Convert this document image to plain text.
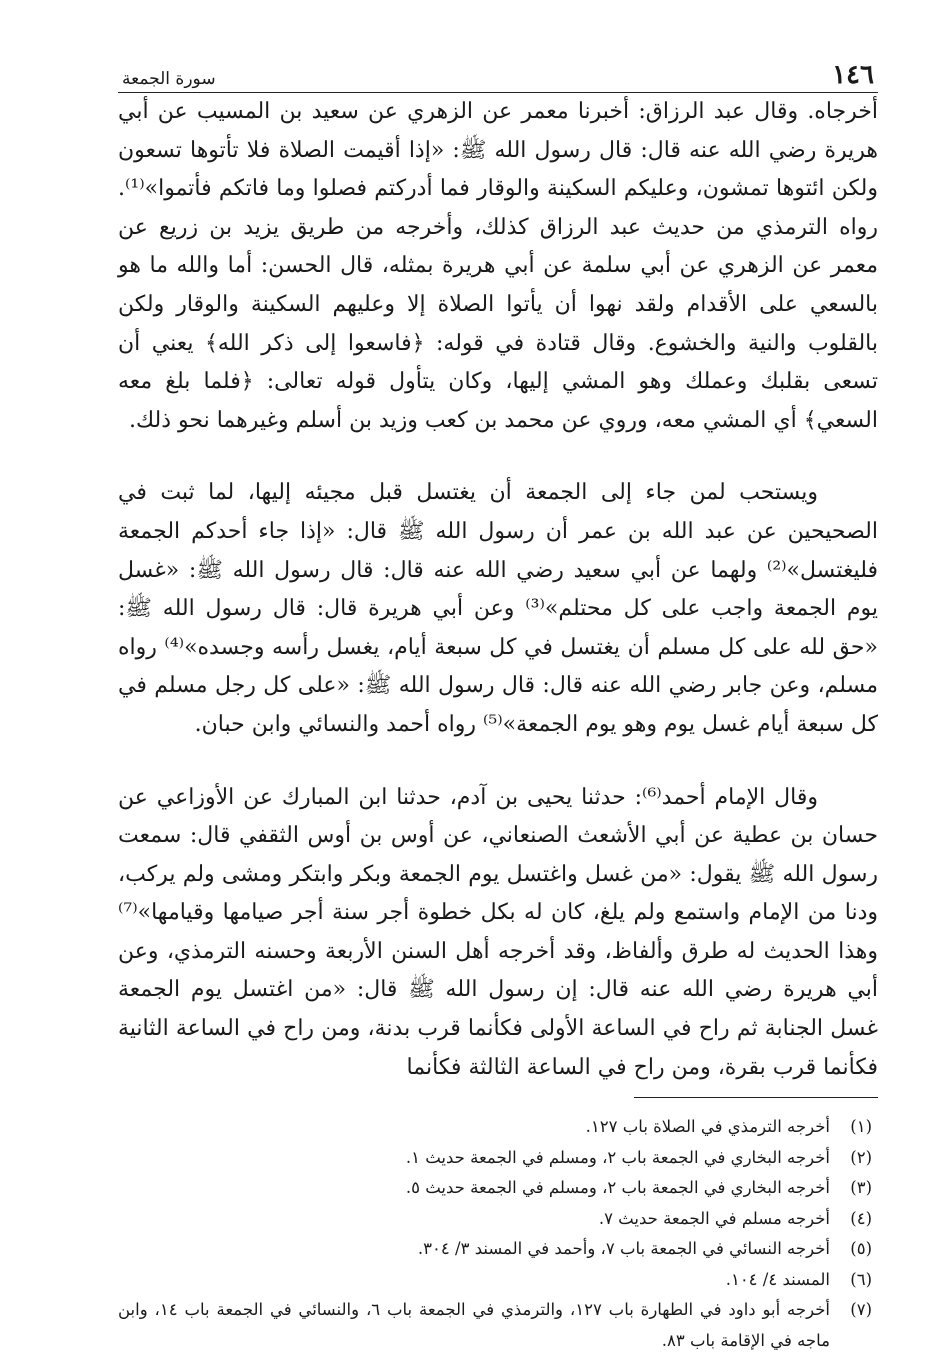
١٤٦
سورة الجمعة

أخرجاه. وقال عبد الرزاق: أخبرنا معمر عن الزهري عن سعيد بن المسيب عن أبي هريرة رضي الله عنه قال: قال رسول الله ﷺ: «إذا أقيمت الصلاة فلا تأتوها تسعون ولكن ائتوها تمشون، وعليكم السكينة والوقار فما أدركتم فصلوا وما فاتكم فأتموا»⁽¹⁾. رواه الترمذي من حديث عبد الرزاق كذلك، وأخرجه من طريق يزيد بن زريع عن معمر عن الزهري عن أبي سلمة عن أبي هريرة بمثله، قال الحسن: أما والله ما هو بالسعي على الأقدام ولقد نهوا أن يأتوا الصلاة إلا وعليهم السكينة والوقار ولكن بالقلوب والنية والخشوع. وقال قتادة في قوله: ﴿فاسعوا إلى ذكر الله﴾ يعني أن تسعى بقلبك وعملك وهو المشي إليها، وكان يتأول قوله تعالى: ﴿فلما بلغ معه السعي﴾ أي المشي معه، وروي عن محمد بن كعب وزيد بن أسلم وغيرهما نحو ذلك.

ويستحب لمن جاء إلى الجمعة أن يغتسل قبل مجيئه إليها، لما ثبت في الصحيحين عن عبد الله بن عمر أن رسول الله ﷺ قال: «إذا جاء أحدكم الجمعة فليغتسل»⁽²⁾ ولهما عن أبي سعيد رضي الله عنه قال: قال رسول الله ﷺ: «غسل يوم الجمعة واجب على كل محتلم»⁽³⁾ وعن أبي هريرة قال: قال رسول الله ﷺ: «حق لله على كل مسلم أن يغتسل في كل سبعة أيام، يغسل رأسه وجسده»⁽⁴⁾ رواه مسلم، وعن جابر رضي الله عنه قال: قال رسول الله ﷺ: «على كل رجل مسلم في كل سبعة أيام غسل يوم وهو يوم الجمعة»⁽⁵⁾ رواه أحمد والنسائي وابن حبان.

وقال الإمام أحمد⁽⁶⁾: حدثنا يحيى بن آدم، حدثنا ابن المبارك عن الأوزاعي عن حسان بن عطية عن أبي الأشعث الصنعاني، عن أوس بن أوس الثقفي قال: سمعت رسول الله ﷺ يقول: «من غسل واغتسل يوم الجمعة وبكر وابتكر ومشى ولم يركب، ودنا من الإمام واستمع ولم يلغ، كان له بكل خطوة أجر سنة أجر صيامها وقيامها»⁽⁷⁾ وهذا الحديث له طرق وألفاظ، وقد أخرجه أهل السنن الأربعة وحسنه الترمذي، وعن أبي هريرة رضي الله عنه قال: إن رسول الله ﷺ قال: «من اغتسل يوم الجمعة غسل الجنابة ثم راح في الساعة الأولى فكأنما قرب بدنة، ومن راح في الساعة الثانية فكأنما قرب بقرة، ومن راح في الساعة الثالثة فكأنما

(١)
أخرجه الترمذي في الصلاة باب ١٢٧.
(٢)
أخرجه البخاري في الجمعة باب ٢، ومسلم في الجمعة حديث ١.
(٣)
أخرجه البخاري في الجمعة باب ٢، ومسلم في الجمعة حديث ٥.
(٤)
أخرجه مسلم في الجمعة حديث ٧.
(٥)
أخرجه النسائي في الجمعة باب ٧، وأحمد في المسند ٣/ ٣٠٤.
(٦)
المسند ٤/ ١٠٤.
(٧)
أخرجه أبو داود في الطهارة باب ١٢٧، والترمذي في الجمعة باب ٦، والنسائي في الجمعة باب ١٤، وابن ماجه في الإقامة باب ٨٣.
